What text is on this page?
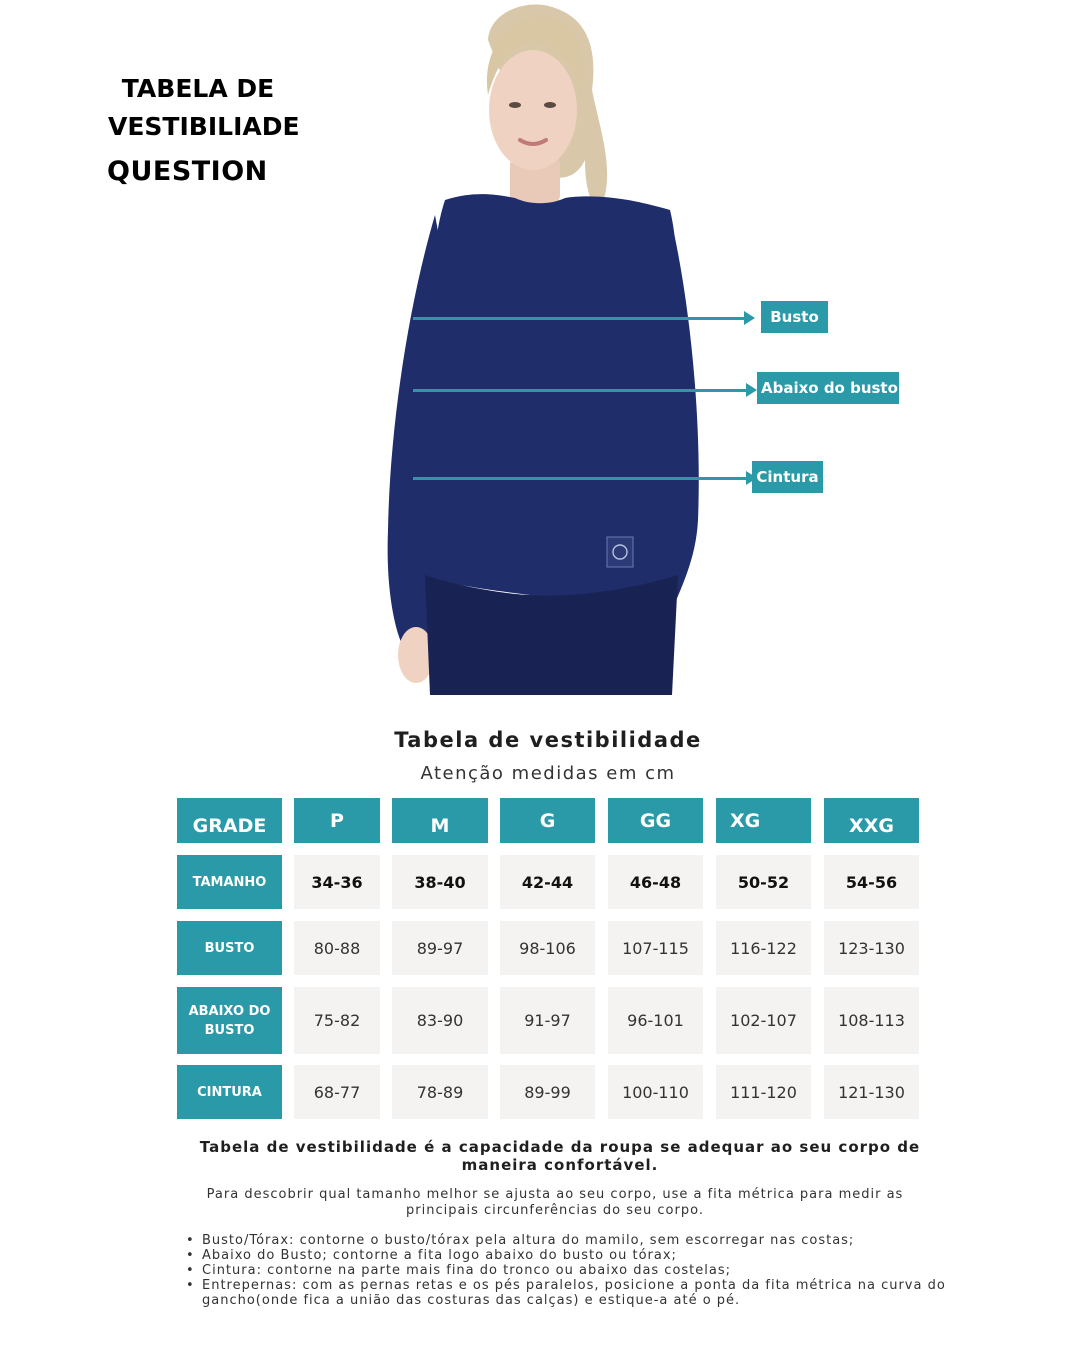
TABELA DE
VESTIBILIADE
QUESTION
Busto
Abaixo do busto
Cintura
Tabela de vestibilidade
Atenção medidas em cm
GRADE	P	M	G	GG	XG	XXG
TAMANHO	34-36	38-40	42-44	46-48	50-52	54-56
BUSTO	80-88	89-97	98-106	107-115	116-122	123-130
ABAIXO DO BUSTO	75-82	83-90	91-97	96-101	102-107	108-113
CINTURA	68-77	78-89	89-99	100-110	111-120	121-130
Tabela de vestibilidade é a capacidade da roupa se adequar ao seu corpo de maneira confortável.
Para descobrir qual tamanho melhor se ajusta ao seu corpo, use a fita métrica para medir as principais circunferências do seu corpo.
• Busto/Tórax: contorne o busto/tórax pela altura do mamilo, sem escorregar nas costas;
• Abaixo do Busto; contorne a fita logo abaixo do busto ou tórax;
• Cintura: contorne na parte mais fina do tronco ou abaixo das costelas;
• Entrepernas: com as pernas retas e os pés paralelos, posicione a ponta da fita métrica na curva do gancho(onde fica a união das costuras das calças) e estique-a até o pé.
